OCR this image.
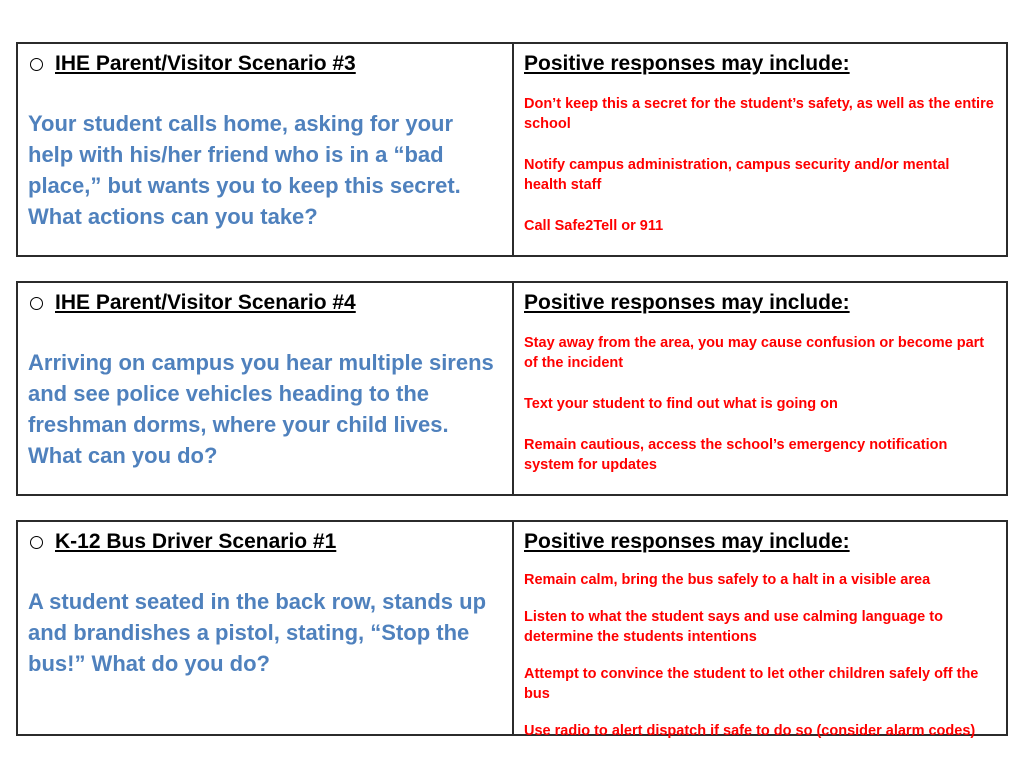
IHE Parent/Visitor Scenario #3
Your student calls home, asking for your help with his/her friend who is in a “bad place,” but wants you to keep this secret. What actions can you take?
Positive responses may include:
Don’t keep this a secret for the student’s safety, as well as the entire school
Notify campus administration, campus security and/or mental health staff
Call Safe2Tell or 911
IHE Parent/Visitor Scenario #4
Arriving on campus you hear multiple sirens and see police vehicles heading to the freshman dorms, where your child lives. What can you do?
Positive responses may include:
Stay away from the area, you may cause confusion or become part of the incident
Text your student to find out what is going on
Remain cautious, access the school’s emergency notification system for updates
K-12 Bus Driver Scenario #1
A student seated in the back row, stands up and brandishes a pistol, stating, “Stop the bus!” What do you do?
Positive responses may include:
Remain calm, bring the bus safely to a halt in a visible area
Listen to what the student says and use calming language to determine the students intentions
Attempt to convince the student to let other children safely off the bus
Use radio to alert dispatch if safe to do so (consider alarm codes)
